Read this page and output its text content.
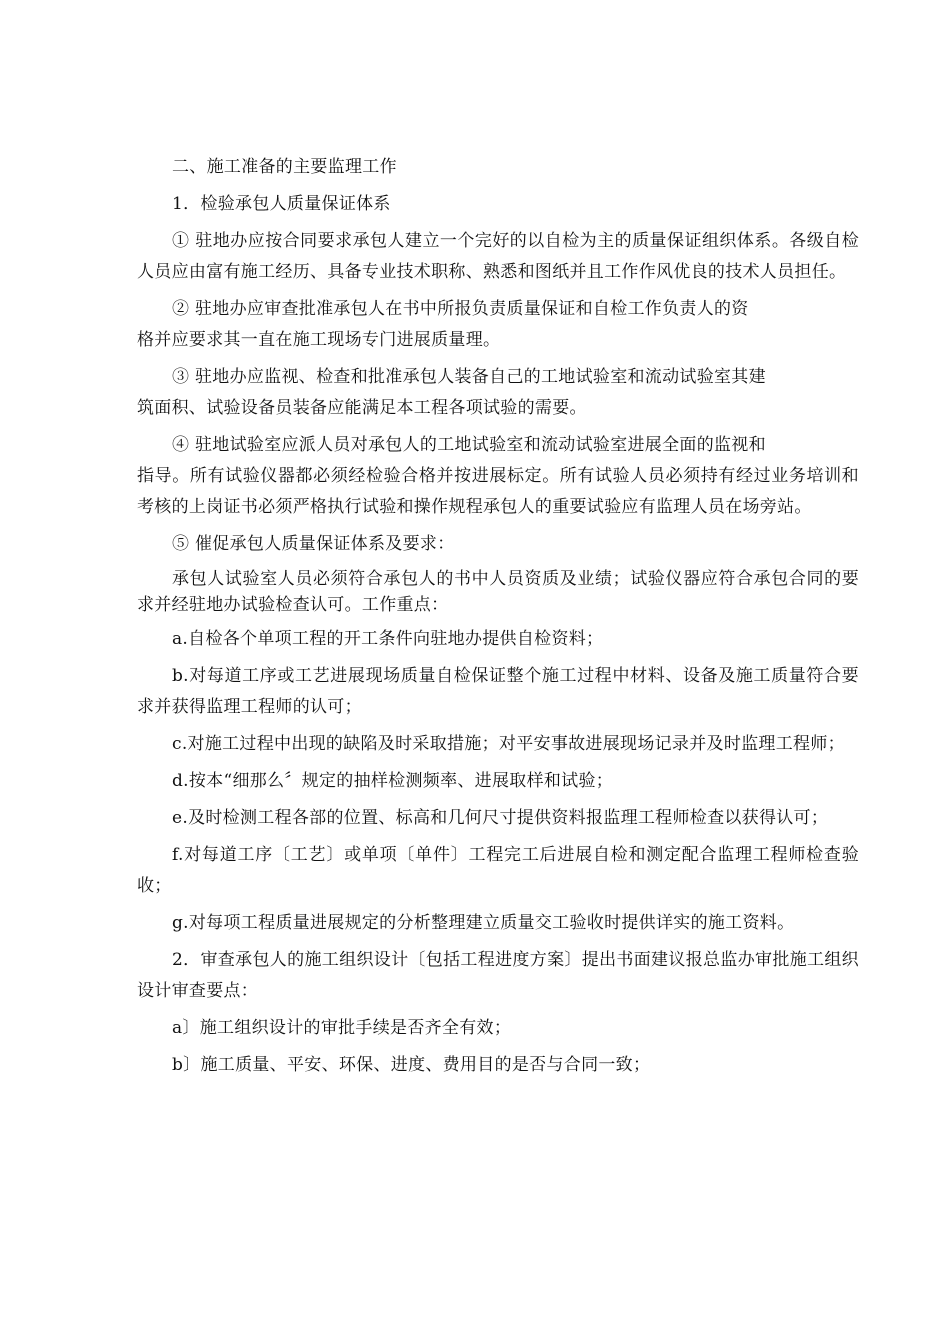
二、施工准备的主要监理工作
1．检验承包人质量保证体系
① 驻地办应按合同要求承包人建立一个完好的以自检为主的质量保证组织体系。各级自检人员应由富有施工经历、具备专业技术职称、熟悉和图纸并且工作作风优良的技术人员担任。
② 驻地办应审查批准承包人在书中所报负责质量保证和自检工作负责人的资
格并应要求其一直在施工现场专门进展质量理。
③ 驻地办应监视、检查和批准承包人装备自己的工地试验室和流动试验室其建
筑面积、试验设备员装备应能满足本工程各项试验的需要。
④ 驻地试验室应派人员对承包人的工地试验室和流动试验室进展全面的监视和
指导。所有试验仪器都必须经检验合格并按进展标定。所有试验人员必须持有经过业务培训和考核的上岗证书必须严格执行试验和操作规程承包人的重要试验应有监理人员在场旁站。
⑤ 催促承包人质量保证体系及要求：
承包人试验室人员必须符合承包人的书中人员资质及业绩；试验仪器应符合承包合同的要求并经驻地办试验检查认可。工作重点：
a.自检各个单项工程的开工条件向驻地办提供自检资料；
b.对每道工序或工艺进展现场质量自检保证整个施工过程中材料、设备及施工质量符合要求并获得监理工程师的认可；
c.对施工过程中出现的缺陷及时采取措施；对平安事故进展现场记录并及时监理工程师；
d.按本“细那么〞规定的抽样检测频率、进展取样和试验；
e.及时检测工程各部的位置、标高和几何尺寸提供资料报监理工程师检查以获得认可；
f.对每道工序〔工艺〕或单项〔单件〕工程完工后进展自检和测定配合监理工程师检查验收；
g.对每项工程质量进展规定的分析整理建立质量交工验收时提供详实的施工资料。
2．审查承包人的施工组织设计〔包括工程进度方案〕提出书面建议报总监办审批施工组织设计审查要点：
a〕施工组织设计的审批手续是否齐全有效；
b〕施工质量、平安、环保、进度、费用目的是否与合同一致；
